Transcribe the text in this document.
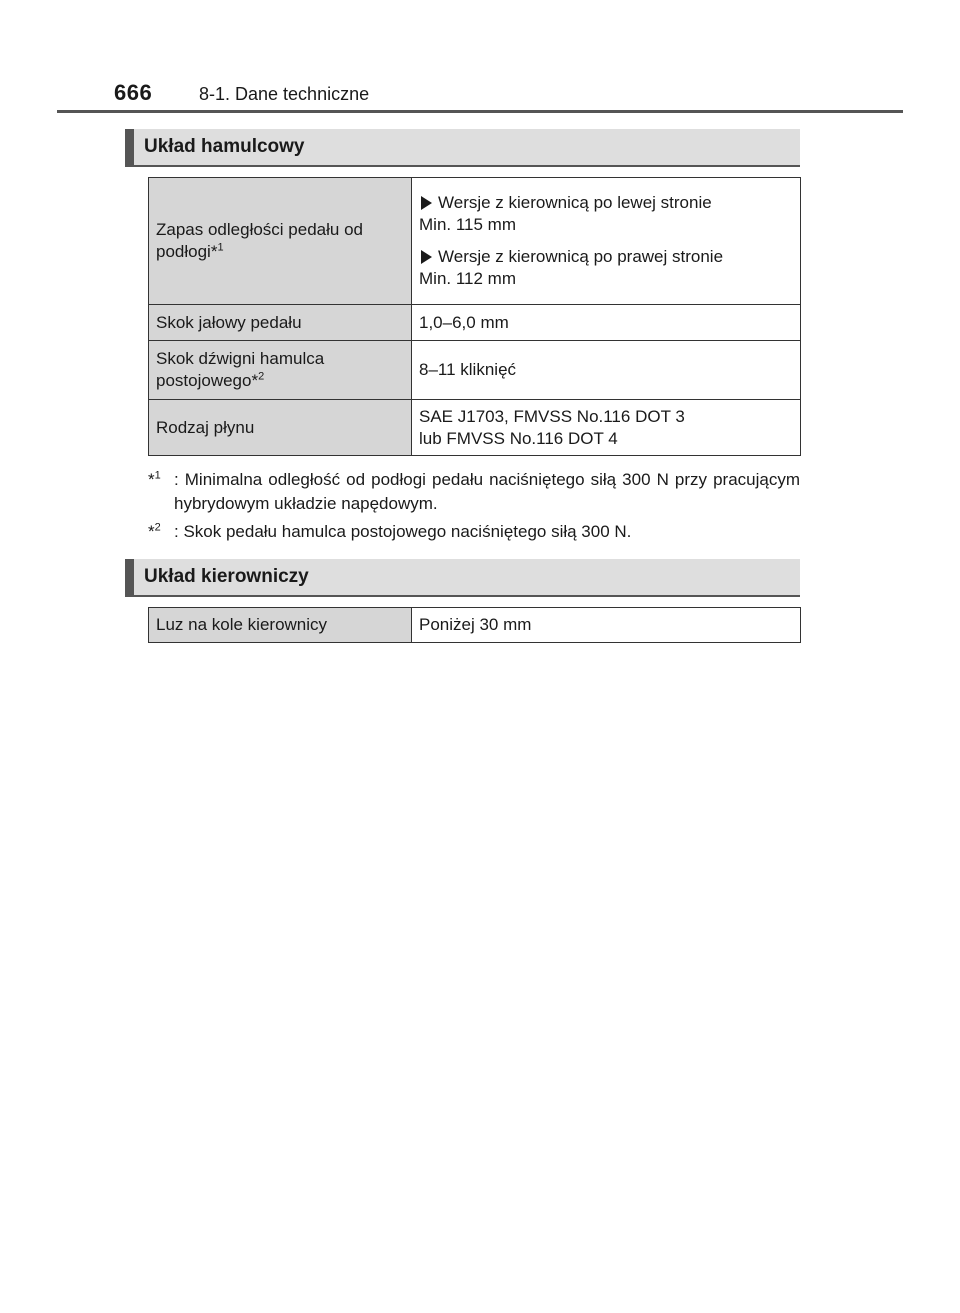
666	8-1. Dane techniczne
Układ hamulcowy
Zapas odległości pedału od podłogi*$^1$	Wersje z kierownicą po lewej stronie
Min. 115 mm
Wersje z kierownicą po prawej stronie
Min. 112 mm

Skok jałowy pedału	1,0–6,0 mm
Skok dźwigni hamulca postojowego*$^2$	8–11 kliknięć
Rodzaj płynu	SAE J1703, FMVSS No.116 DOT 3
lub FMVSS No.116 DOT 4
*$^1$ : Minimalna odległość od podłogi pedału naciśniętego siłą 300 N przy pracującym hybrydowym układzie napędowym.
*$^2$ : Skok pedału hamulca postojowego naciśniętego siłą 300 N.
Układ kierowniczy
Luz na kole kierownicy	Poniżej 30 mm
